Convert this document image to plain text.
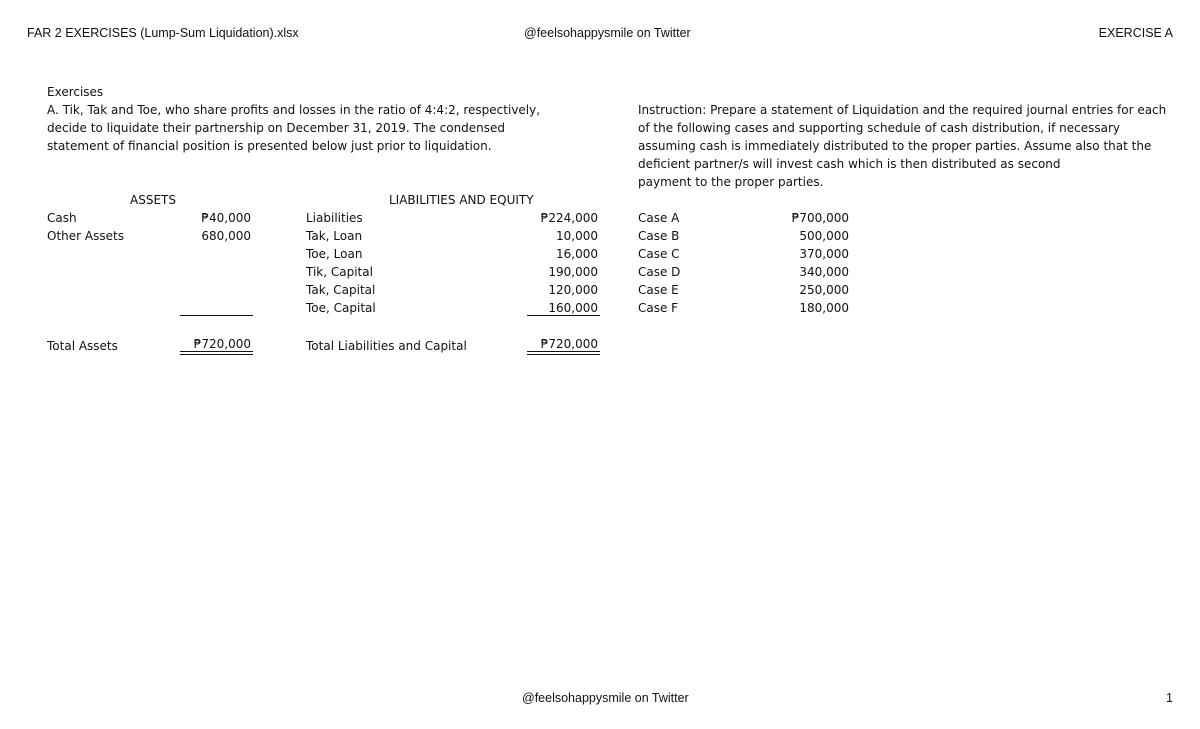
FAR 2 EXERCISES (Lump-Sum Liquidation).xlsx	@feelsohappysmile on Twitter	EXERCISE A
Exercises
A. Tik, Tak and Toe, who share profits and losses in the ratio of 4:4:2, respectively,
decide to liquidate their partnership on December 31, 2019. The condensed
statement of financial position is presented below just prior to liquidation.
Instruction: Prepare a statement of Liquidation and the required journal entries for each
of the following cases and supporting schedule of cash distribution, if necessary
assuming cash is immediately distributed to the proper parties. Assume also that the
deficient partner/s will invest cash which is then distributed as second
payment to the proper parties.
ASSETS	LIABILITIES AND EQUITY
Cash	₱40,000
Other Assets	680,000
Liabilities	₱224,000
Tak, Loan	10,000
Toe, Loan	16,000
Tik, Capital	190,000
Tak, Capital	120,000
Toe, Capital	160,000
Case A	₱700,000
Case B	500,000
Case C	370,000
Case D	340,000
Case E	250,000
Case F	180,000
Total Assets	₱720,000	Total Liabilities and Capital	₱720,000
@feelsohappysmile on Twitter	1
